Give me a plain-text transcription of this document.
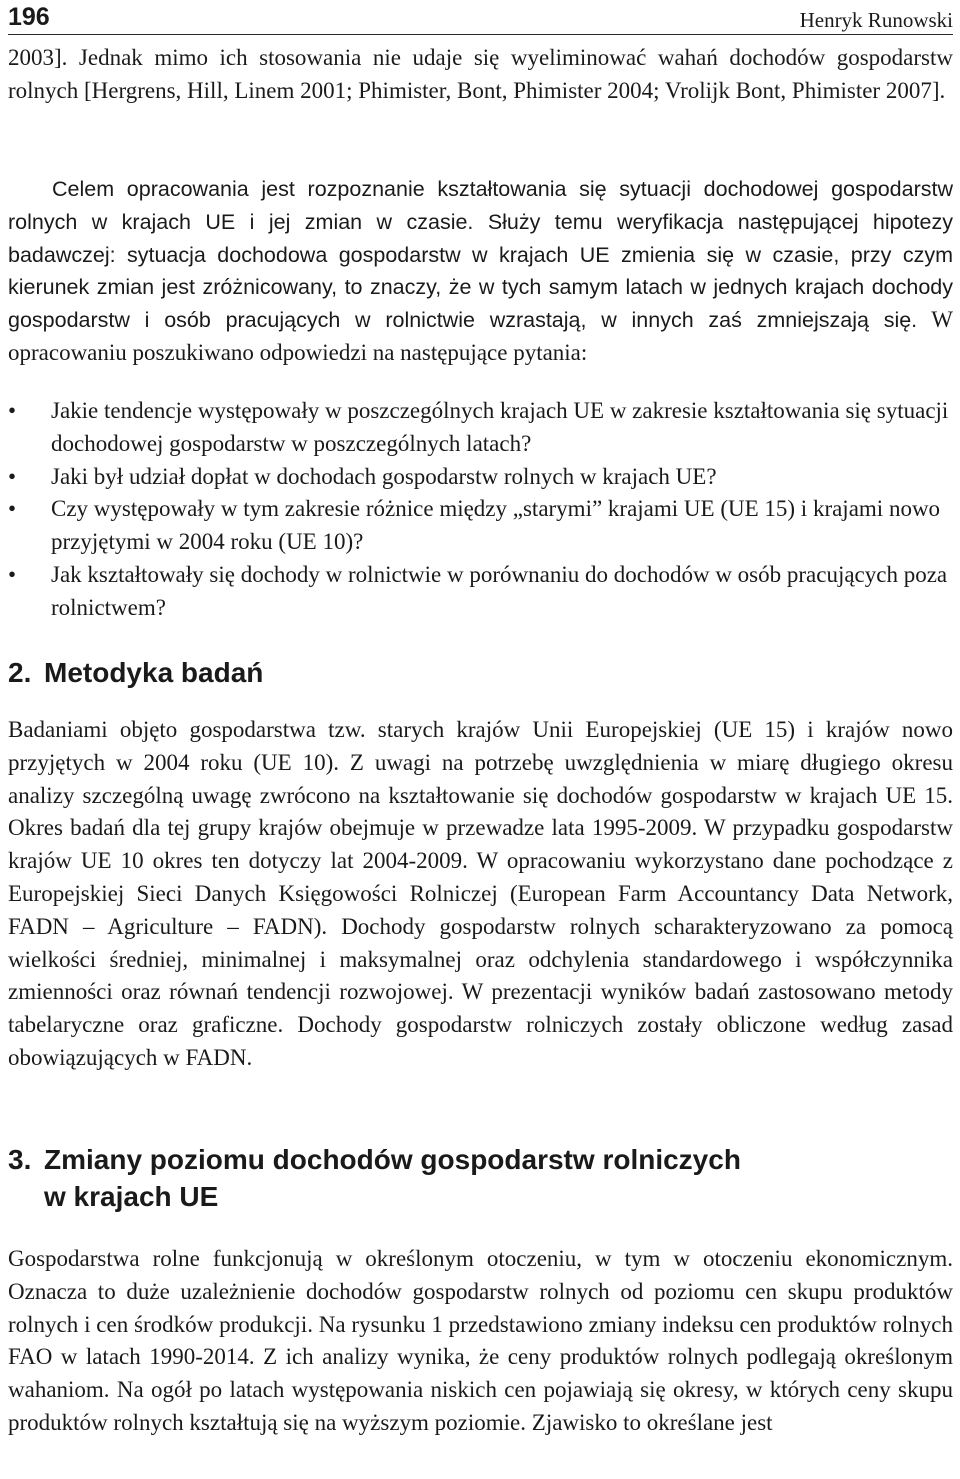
196	Henryk Runowski

2003]. Jednak mimo ich stosowania nie udaje się wyeliminować wahań dochodów gospodarstw rolnych [Hergrens, Hill, Linem 2001; Phimister, Bont, Phimister 2004; Vrolijk Bont, Phimister 2007].

Celem opracowania jest rozpoznanie kształtowania się sytuacji dochodowej gospodarstw rolnych w krajach UE i jej zmian w czasie. Służy temu weryfikacja następującej hipotezy badawczej: sytuacja dochodowa gospodarstw w krajach UE zmienia się w czasie, przy czym kierunek zmian jest zróżnicowany, to znaczy, że w tych samym latach w jednych krajach dochody gospodarstw i osób pracujących w rolnictwie wzrastają, w innych zaś zmniejszają się. W opracowaniu poszukiwano odpowiedzi na następujące pytania:

• Jakie tendencje występowały w poszczególnych krajach UE w zakresie kształtowania się sytuacji dochodowej gospodarstw w poszczególnych latach?
• Jaki był udział dopłat w dochodach gospodarstw rolnych w krajach UE?
• Czy występowały w tym zakresie różnice między „starymi” krajami UE (UE 15) i krajami nowo przyjętymi w 2004 roku (UE 10)?
• Jak kształtowały się dochody w rolnictwie w porównaniu do dochodów w osób pracujących poza rolnictwem?
2. Metodyka badań

Badaniami objęto gospodarstwa tzw. starych krajów Unii Europejskiej (UE 15) i krajów nowo przyjętych w 2004 roku (UE 10). Z uwagi na potrzebę uwzględnienia w miarę długiego okresu analizy szczególną uwagę zwrócono na kształtowanie się dochodów gospodarstw w krajach UE 15. Okres badań dla tej grupy krajów obejmuje w przewadze lata 1995-2009. W przypadku gospodarstw krajów UE 10 okres ten dotyczy lat 2004-2009. W opracowaniu wykorzystano dane pochodzące z Europejskiej Sieci Danych Księgowości Rolniczej (European Farm Accountancy Data Network, FADN – Agriculture – FADN). Dochody gospodarstw rolnych scharakteryzowano za pomocą wielkości średniej, minimalnej i maksymalnej oraz odchylenia standardowego i współczynnika zmienności oraz równań tendencji rozwojowej. W prezentacji wyników badań zastosowano metody tabelaryczne oraz graficzne. Dochody gospodarstw rolniczych zostały obliczone według zasad obowiązujących w FADN.

3. Zmiany poziomu dochodów gospodarstw rolniczych
w krajach UE

Gospodarstwa rolne funkcjonują w określonym otoczeniu, w tym w otoczeniu ekonomicznym. Oznacza to duże uzależnienie dochodów gospodarstw rolnych od poziomu cen skupu produktów rolnych i cen środków produkcji. Na rysunku 1 przedstawiono zmiany indeksu cen produktów rolnych FAO w latach 1990-2014. Z ich analizy wynika, że ceny produktów rolnych podlegają określonym wahaniom. Na ogół po latach występowania niskich cen pojawiają się okresy, w których ceny skupu produktów rolnych kształtują się na wyższym poziomie. Zjawisko to określane jest
